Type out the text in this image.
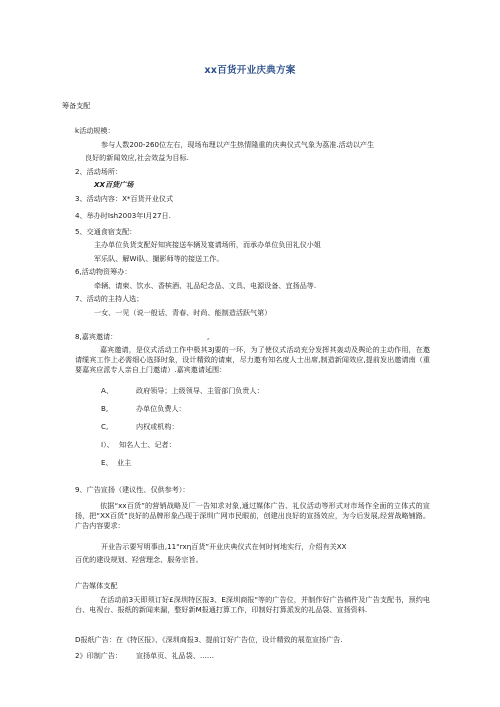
xx百货开业庆典方案
筹备支配
k活动规模：
参与人数200-260位左右，现场布理以产生热情隆重的庆典仪式气象为荔准.活动以产生
良好的新闻效应,社会效益为目标.
2、活动场所：
XX百货广场
3、活动内容：X*百货开业仪式
4、举办时Ish2003年I月27日.
5、交通食宿支配：
主办单位负货支配好知宾接送车辆及宴请场所，而承办单位负田礼仪小姐
军乐队、解Wi队、撮影师等的接送工作。
6,活动物资筹办：
牵辆、请柬、饮水、香槟酒、礼品纪念品、文具、电源设备、宜扬品等.
7、活动的主持人选；
一女、一见（说一般话，青春、时尚、能制造活跃气第）
8,嘉宾邀请：	,
嘉宾邀请，是仪式活动工作中极其3J要的一环，为了使仪式活动充分发挥其轰动及舆论的主动作用，在邀请缆宾工作上必需细心选择时象，设计精致的请柬，尽力邀有知名度人士出席,制造新闻效应,提前发出邀请南（重要嘉宾应派专人亲自上门邀请）.嘉宾邀请延围：
A、	政府领导；上级领导、主管部门负贵人：
B,	办单位负费人：
C,	内权或机构：
I）、 知名人士、记者：
E、 业主
9、广告宣扬（建议性、仅供参考）：
依据“xx百货”的营销战略及厂一告知求对象,通过媒体广告、礼仪活动等形式对市场作全面的立体式的宣扬，把“XX百货”良好的品牌形象凸现于深圳广网市民眼前，创建出良好的宣扬效应，为今后发展,经营战略铺路。广告内容要求：
开业告示要写明事由,11“rxη百货”开业庆典仪式在何时何地实行，介绍有关XX
百优的建设规划、羟营理念、服务宗旨。
广告媒体支配
在活动前3天即须订好£深圳特区报3、E深圳商报"等的广告位，并制作好广告稿件及广告支配书，预约电台、电视台、报纸的新闻来漏，整好新M报通打算工作，印制好打算派发的礼品袋、宣扬资料.
D报纸广告：在《特区报》、《深圳商报3、提前订好广告位，设计精致的展览宣扬广告.
2》印制广告： 宣扬单页、礼品袋、……
